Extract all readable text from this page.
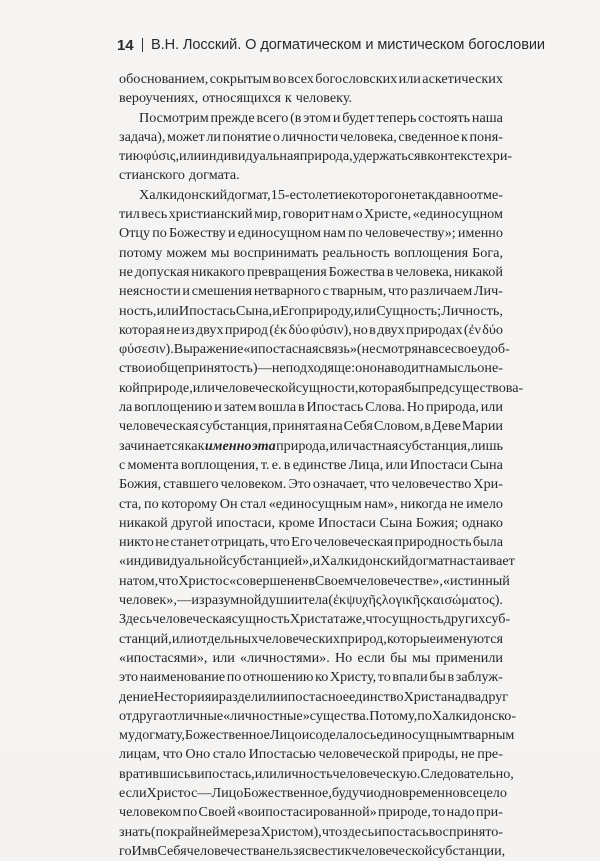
14 В.Н. Лосский. О догматическом и мистическом богословии
обоснованием, сокрытым во всех богословских или аскетических
вероучениях, относящихся к человеку.
Посмотрим прежде всего (в этом и будет теперь состоять наша
задача), может ли понятие о личности человека, сведенное к поня-
тию φύσις, или индивидуальная природа, удержаться в контексте хри-
стианского догмата.
Халкидонский догмат, 15-е столетие которого не так давно отме-
тил весь христианский мир, говорит нам о Христе, «единосущном
Отцу по Божеству и единосущном нам по человечеству»; именно
потому можем мы воспринимать реальность воплощения Бога,
не допуская никакого превращения Божества в человека, никакой
неясности и смешения нетварного с тварным, что различаем Лич-
ность, или Ипостась Сына, и Его природу, или Сущность; Личность,
которая не из двух природ (ἐκ δύο φύσιν), но в двух природах (ἐν δύο
φύσεσιν). Выражение «ипостасная связь» (несмотря на все свое удоб-
ство и общепринятость) — неподходяще: оно наводит на мысль о не-
кой природе, или человеческой сущности, которая бы предсуществова-
ла воплощению и затем вошла в Ипостась Слова. Но природа, или
человеческая субстанция, принятая на Себя Словом, в Деве Марии
зачинается как именно эта природа, или частная субстанция, лишь
с момента воплощения, т. е. в единстве Лица, или Ипостаси Сына
Божия, ставшего человеком. Это означает, что человечество Хри-
ста, по которому Он стал «единосущным нам», никогда не имело
никакой другой ипостаси, кроме Ипостаси Сына Божия; однако
никто не станет отрицать, что Его человеческая природность была
«индивидуальной субстанцией», и Халкидонский догмат настаивает
на том, что Христос «совершенен в Своем человечестве», «истинный
человек», — из разумной души и тела (ἐκ ψυχῆς λογικῆς και σώματος).
Здесь человеческая сущность Христа та же, что сущность других суб-
станций, или отдельных человеческих природ, которые именуются
«ипостасями», или «личностями». Но если бы мы применили
это наименование по отношению ко Христу, то впали бы в заблуж-
дение Нестория и разделили ипостасное единство Христа на два друг
от друга отличные «личностные» существа. Потому, по Халкидонско-
му догмату, Божественное Лицо и соделалось единосущным тварным
лицам, что Оно стало Ипостасью человеческой природы, не пре-
вратившись в ипостась, или личность человеческую. Следовательно,
если Христос — Лицо Божественное, будучи одновременно всецело
человеком по Своей «воипостасированной» природе, то надо при-
знать (по крайней мере за Христом), что здесь ипостась воспринято-
го Им в Себя человечества нельзя свести к человеческой субстанции,
